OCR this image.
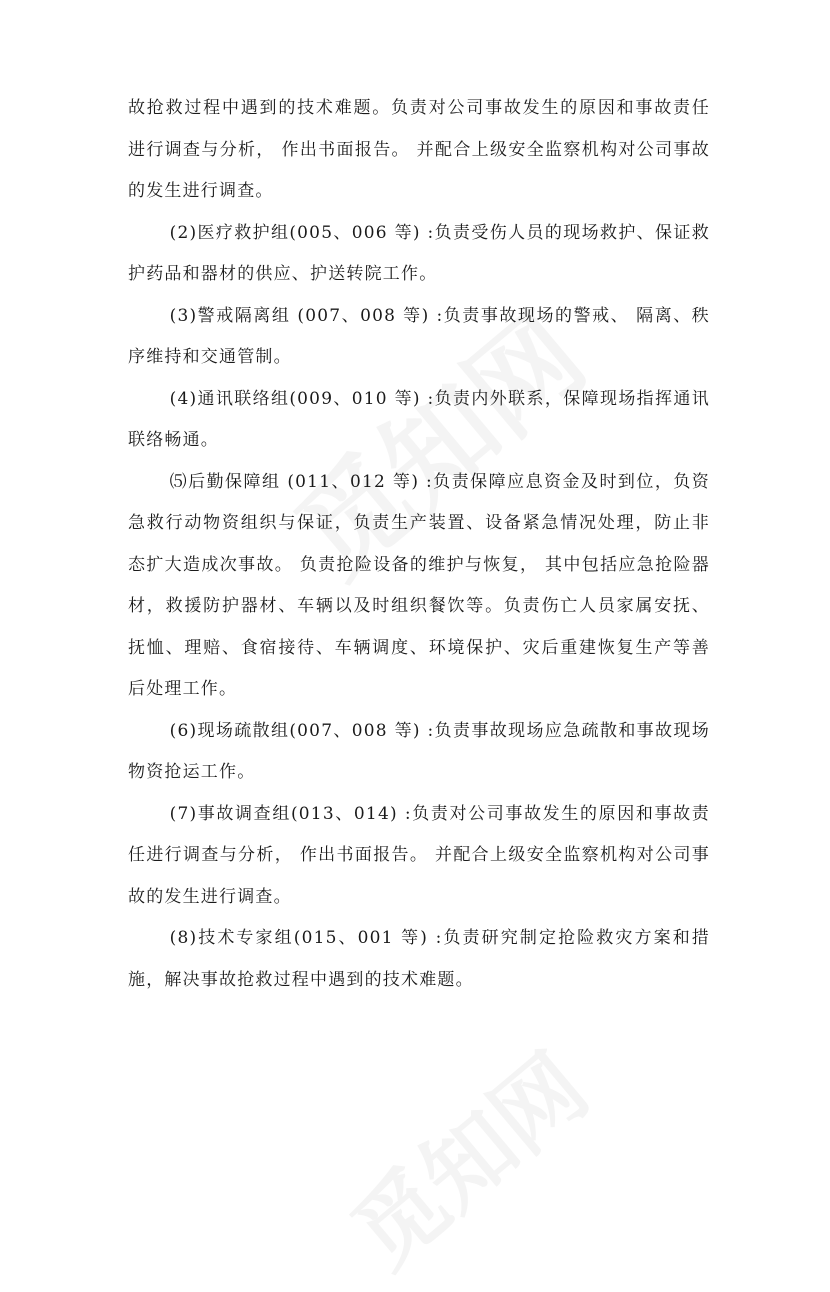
故抢救过程中遇到的技术难题。负责对公司事故发生的原因和事故责任进行调查与分析， 作出书面报告。 并配合上级安全监察机构对公司事故的发生进行调查。

(2)医疗救护组(005、006 等) :负责受伤人员的现场救护、保证救护药品和器材的供应、护送转院工作。

(3)警戒隔离组 (007、008 等) :负责事故现场的警戒、 隔离、秩序维持和交通管制。

(4)通讯联络组(009、010 等) :负责内外联系，保障现场指挥通讯联络畅通。

⑸后勤保障组 (011、012 等) :负责保障应息资金及时到位，负资急救行动物资组织与保证，负责生产装置、设备紧急情况处理，防止非态扩大造成次事故。 负责抢险设备的维护与恢复， 其中包括应急抢险器材，救援防护器材、车辆以及时组织餐饮等。负责伤亡人员家属安抚、抚恤、理赔、食宿接待、车辆调度、环境保护、灾后重建恢复生产等善后处理工作。

(6)现场疏散组(007、008 等) :负责事故现场应急疏散和事故现场物资抢运工作。

(7)事故调查组(013、014) :负责对公司事故发生的原因和事故责任进行调查与分析， 作出书面报告。 并配合上级安全监察机构对公司事故的发生进行调查。

(8)技术专家组(015、001 等) :负责研究制定抢险救灾方案和措施，解决事故抢救过程中遇到的技术难题。
